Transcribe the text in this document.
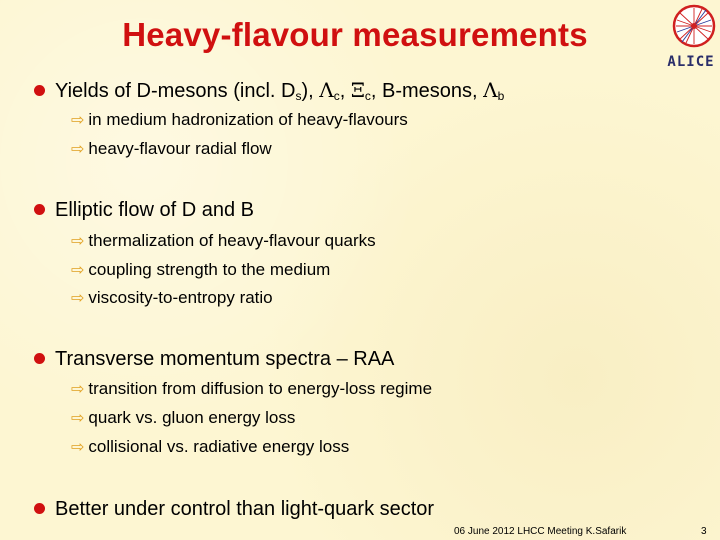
Heavy-flavour measurements
ALICE
Yields of D-mesons (incl. $D_s$), $\Lambda_c$, $\Xi_c$, B-mesons, $\Lambda_b$
⇨ in medium hadronization of heavy-flavours
⇨ heavy-flavour radial flow
Elliptic flow of D and B
⇨ thermalization of heavy-flavour quarks
⇨ coupling strength to the medium
⇨ viscosity-to-entropy ratio
Transverse momentum spectra – RAA
⇨ transition from diffusion to energy-loss regime
⇨ quark vs. gluon energy loss
⇨ collisional vs. radiative energy loss
Better under control than light-quark sector
06 June 2012 LHCC Meeting K.Safarik	3
